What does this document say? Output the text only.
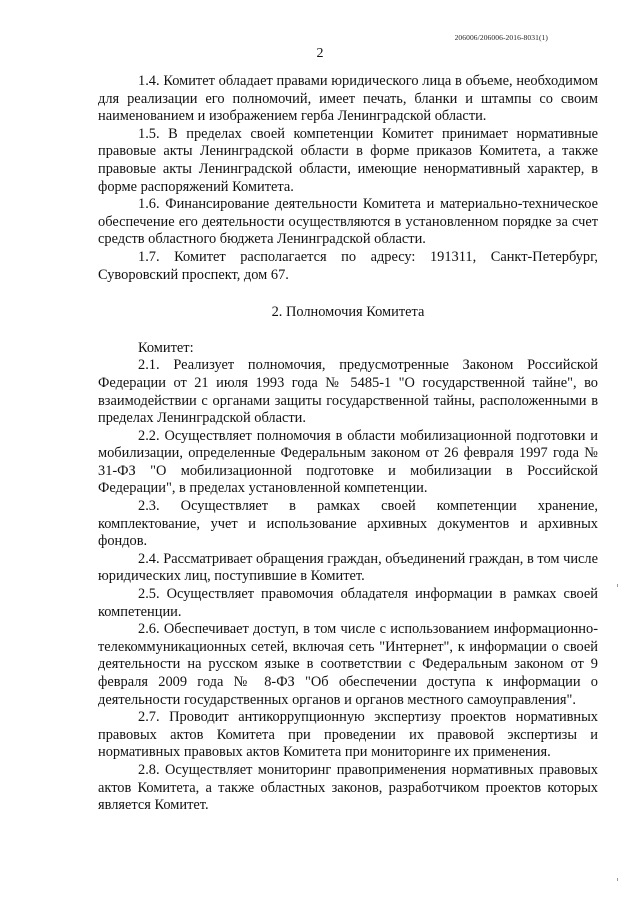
206006/206006-2016-8031(1)
2

1.4. Комитет обладает правами юридического лица в объеме, необходимом для реализации его полномочий, имеет печать, бланки и штампы со своим наименованием и изображением герба Ленинградской области.

1.5. В пределах своей компетенции Комитет принимает нормативные правовые акты Ленинградской области в форме приказов Комитета, а также правовые акты Ленинградской области, имеющие ненормативный характер, в форме распоряжений Комитета.

1.6. Финансирование деятельности Комитета и материально-техническое обеспечение его деятельности осуществляются в установленном порядке за счет средств областного бюджета Ленинградской области.

1.7. Комитет располагается по адресу: 191311, Санкт-Петербург, Суворовский проспект, дом 67.

2. Полномочия Комитета

Комитет:

2.1. Реализует полномочия, предусмотренные Законом Российской Федерации от 21 июля 1993 года № 5485-1 "О государственной тайне", во взаимодействии с органами защиты государственной тайны, расположенными в пределах Ленинградской области.

2.2. Осуществляет полномочия в области мобилизационной подготовки и мобилизации, определенные Федеральным законом от 26 февраля 1997 года № 31-ФЗ "О мобилизационной подготовке и мобилизации в Российской Федерации", в пределах установленной компетенции.

2.3. Осуществляет в рамках своей компетенции хранение, комплектование, учет и использование архивных документов и архивных фондов.

2.4. Рассматривает обращения граждан, объединений граждан, в том числе юридических лиц, поступившие в Комитет.

2.5. Осуществляет правомочия обладателя информации в рамках своей компетенции.

2.6. Обеспечивает доступ, в том числе с использованием информационно-телекоммуникационных сетей, включая сеть "Интернет", к информации о своей деятельности на русском языке в соответствии с Федеральным законом от 9 февраля 2009 года № 8-ФЗ "Об обеспечении доступа к информации о деятельности государственных органов и органов местного самоуправления".

2.7. Проводит антикоррупционную экспертизу проектов нормативных правовых актов Комитета при проведении их правовой экспертизы и нормативных правовых актов Комитета при мониторинге их применения.

2.8. Осуществляет мониторинг правоприменения нормативных правовых актов Комитета, а также областных законов, разработчиком проектов которых является Комитет.
